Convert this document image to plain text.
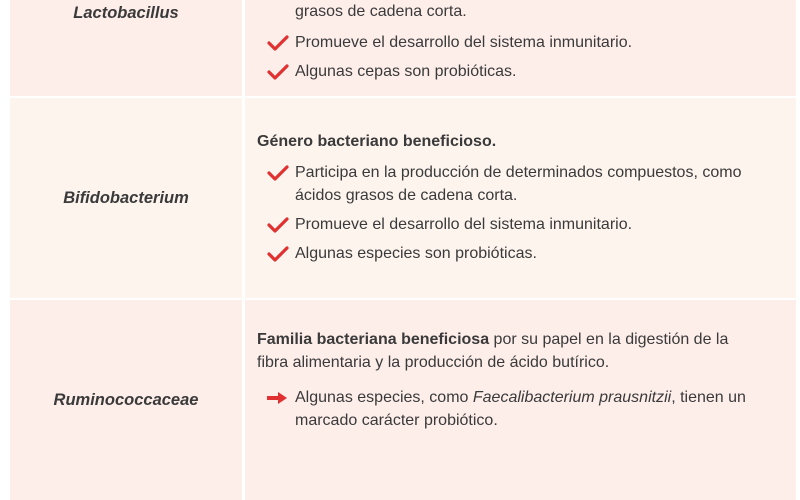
Lactobacillus	grasos de cadena corta.
Promueve el desarrollo del sistema inmunitario.
Algunas cepas son probióticas.
Bifidobacterium
Género bacteriano beneficioso.
Participa en la producción de determinados compuestos, como ácidos grasos de cadena corta.
Promueve el desarrollo del sistema inmunitario.
Algunas especies son probióticas.
Ruminococcaceae
Familia bacteriana beneficiosa por su papel en la digestión de la fibra alimentaria y la producción de ácido butírico.
Algunas especies, como Faecalibacterium prausnitzii, tienen un marcado carácter probiótico.
